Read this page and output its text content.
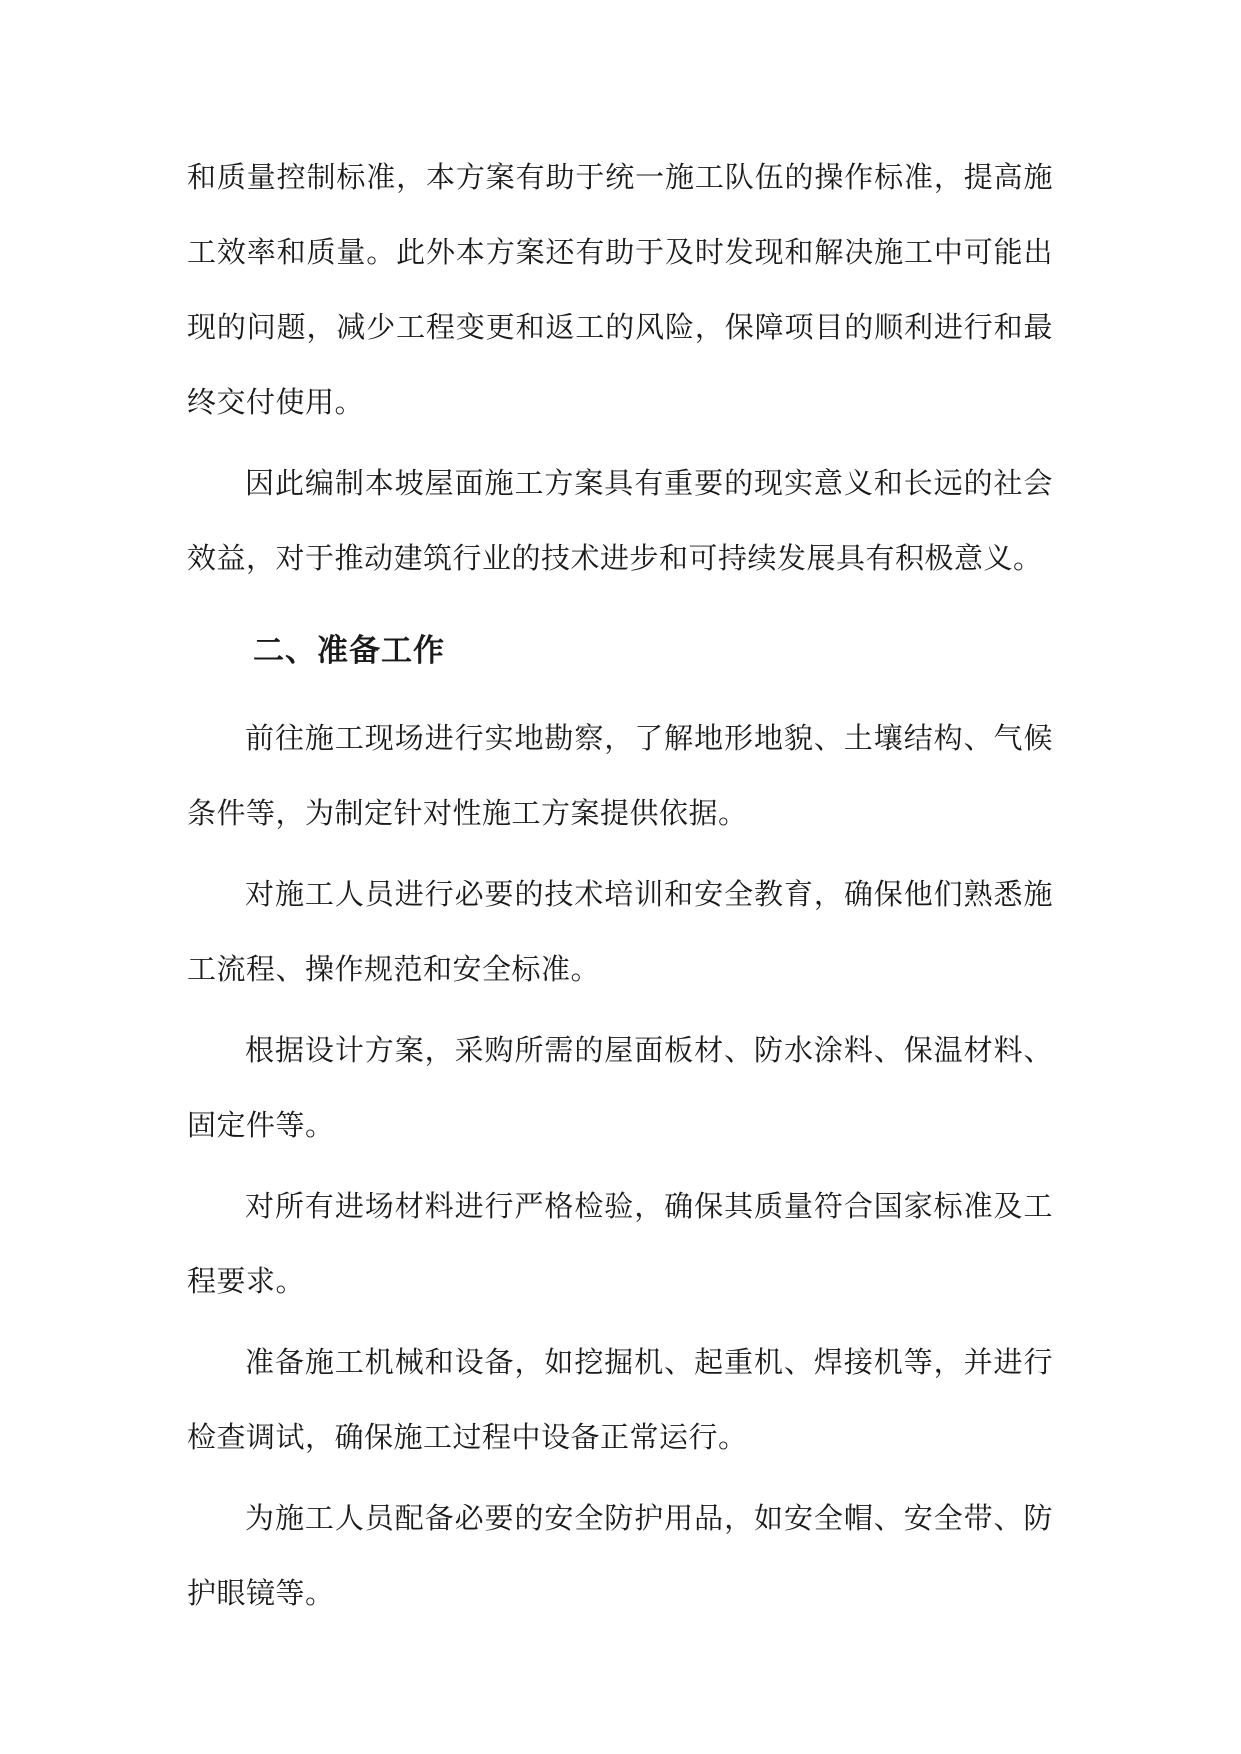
和质量控制标准，本方案有助于统一施工队伍的操作标准，提高施工效率和质量。此外本方案还有助于及时发现和解决施工中可能出现的问题，减少工程变更和返工的风险，保障项目的顺利进行和最终交付使用。

因此编制本坡屋面施工方案具有重要的现实意义和长远的社会效益，对于推动建筑行业的技术进步和可持续发展具有积极意义。

二、准备工作

前往施工现场进行实地勘察，了解地形地貌、土壤结构、气候条件等，为制定针对性施工方案提供依据。

对施工人员进行必要的技术培训和安全教育，确保他们熟悉施工流程、操作规范和安全标准。

根据设计方案，采购所需的屋面板材、防水涂料、保温材料、固定件等。

对所有进场材料进行严格检验，确保其质量符合国家标准及工程要求。

准备施工机械和设备，如挖掘机、起重机、焊接机等，并进行检查调试，确保施工过程中设备正常运行。

为施工人员配备必要的安全防护用品，如安全帽、安全带、防护眼镜等。
